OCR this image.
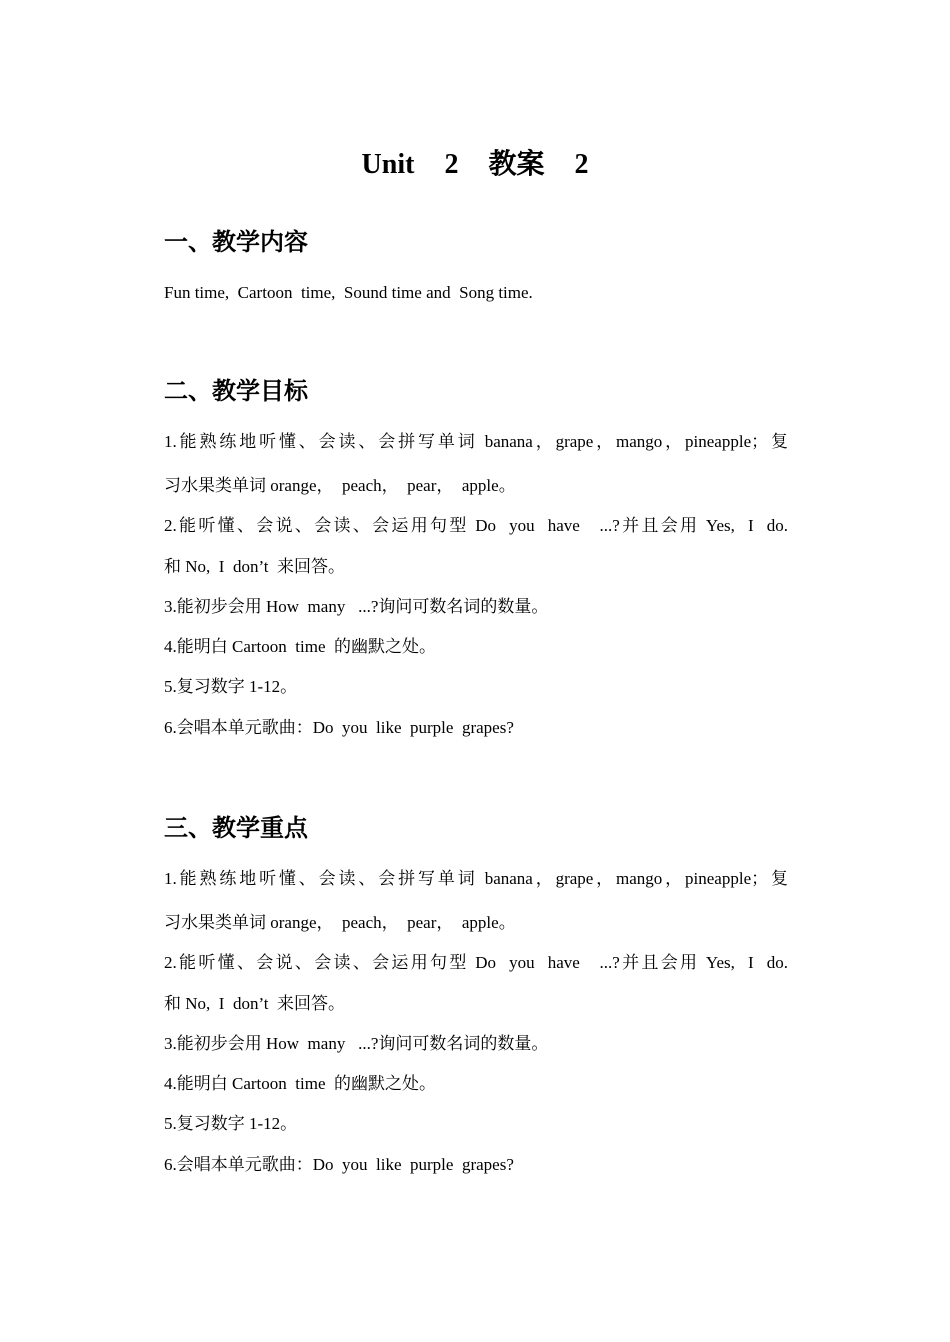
Unit  2  教案  2
一、教学内容

Fun time,  Cartoon  time,  Sound time and  Song time.

二、教学目标

1.能熟练地听懂、会读、会拼写单词 banana，grape，mango，pineapple；复

习水果类单词 orange，  peach，  pear，  apple。

2.能听懂、会说、会读、会运用句型 Do  you  have   ...?并且会用 Yes,  I  do.

和 No,  I  don’t  来回答。

3.能初步会用 How  many   ...?询问可数名词的数量。

4.能明白 Cartoon  time  的幽默之处。

5.复习数字 1-12。

6.会唱本单元歌曲：Do  you  like  purple  grapes?

三、教学重点

1.能熟练地听懂、会读、会拼写单词 banana，grape，mango，pineapple；复

习水果类单词 orange，  peach，  pear，  apple。

2.能听懂、会说、会读、会运用句型 Do  you  have   ...?并且会用 Yes,  I  do.

和 No,  I  don’t  来回答。

3.能初步会用 How  many   ...?询问可数名词的数量。

4.能明白 Cartoon  time  的幽默之处。

5.复习数字 1-12。

6.会唱本单元歌曲：Do  you  like  purple  grapes?
